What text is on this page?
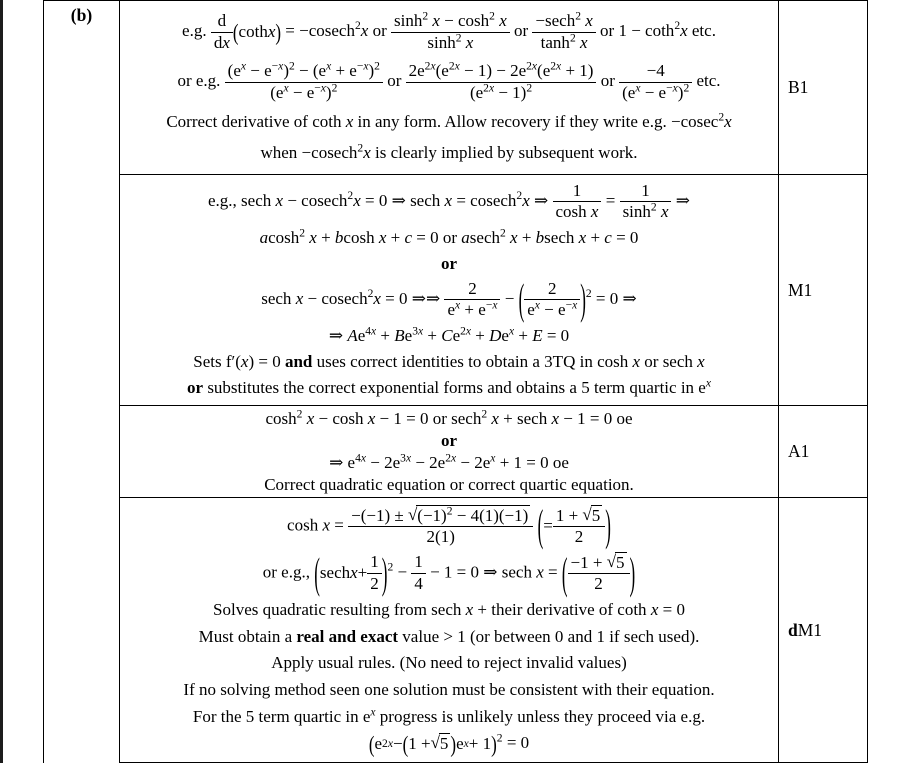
(b)
e.g. $\frac{d}{dx}$ ( coth x ) = −cosech$^2$x or $\frac{\sinh^2 x - \cosh^2 x}{\sinh^2 x}$ or $\frac{-\sec h^2 x}{\tanh^2 x}$ or 1 − coth$^2$x etc.
or e.g. $\frac{(e^x - e^{-x})^2 - (e^x + e^{-x})^2}{(e^x - e^{-x})^2}$ or $\frac{2e^{2x}(e^{2x} - 1) - 2e^{2x}(e^{2x} + 1)}{(e^{2x} - 1)^2}$ or $\frac{-4}{(e^x - e^{-x})^2}$ etc.
Correct derivative of coth x in any form. Allow recovery if they write e.g. −cosec$^2$x
when −cosech$^2$x is clearly implied by subsequent work.
B1
e.g., sech x − cosech$^2$x = 0 ⇒ sech x = cosech$^2$x ⇒ $\frac{1}{\text{cosh x}} = \frac{1}{\sinh^2 x}$ ⇒
acosh$^2$ x + bcosh x + c = 0 or asech$^2$ x + bsech x + c = 0
or
sech x − cosech$^2$x = 0 ⇒⇒ $\frac{2}{e^x + e^{-x}}$ − ( $\frac{2}{e^x - e^{-x}}$ ) $^2$ = 0 ⇒
⇒ $Ae^{4x} + Be^{3x} + Ce^{2x} + De^x + E = 0$
Sets f′(x) = 0 and uses correct identities to obtain a 3TQ in cosh x or sech x
or substitutes the correct exponential forms and obtains a 5 term quartic in $e^x$
M1
$\cosh^2 x - \cosh x - 1 = 0$ or sech$^2$ x + sech x − 1 = 0 oe
or
⇒ $e^{4x} - 2e^{3x} - 2e^{2x} - 2e^x + 1 = 0$ oe
Correct quadratic equation or correct quartic equation.
A1
$\cosh x = \frac{-(-1) \pm √(-1)^2 - 4(1)(-1)}{2(1)}$
( = $\frac{1 + √5}{2}$ )
or e.g., ( sech $x + \frac{1}{2}$ ) $^2 - \frac{1}{4} - 1 = 0$ ⇒ sech x = ( $\frac{-1 + √5}{2}$ )
Solves quadratic resulting from sech x + their derivative of coth x = 0
Must obtain a real and exact value > 1 (or between 0 and 1 if sech used).
Apply usual rules. (No need to reject invalid values)
If no solving method seen one solution must be consistent with their equation.
For the 5 term quartic in $e^x$ progress is unlikely unless they proceed via e.g.
( e 2x − ( 1 + √5 ) e x + 1 ) $^2$ = 0
dM1
